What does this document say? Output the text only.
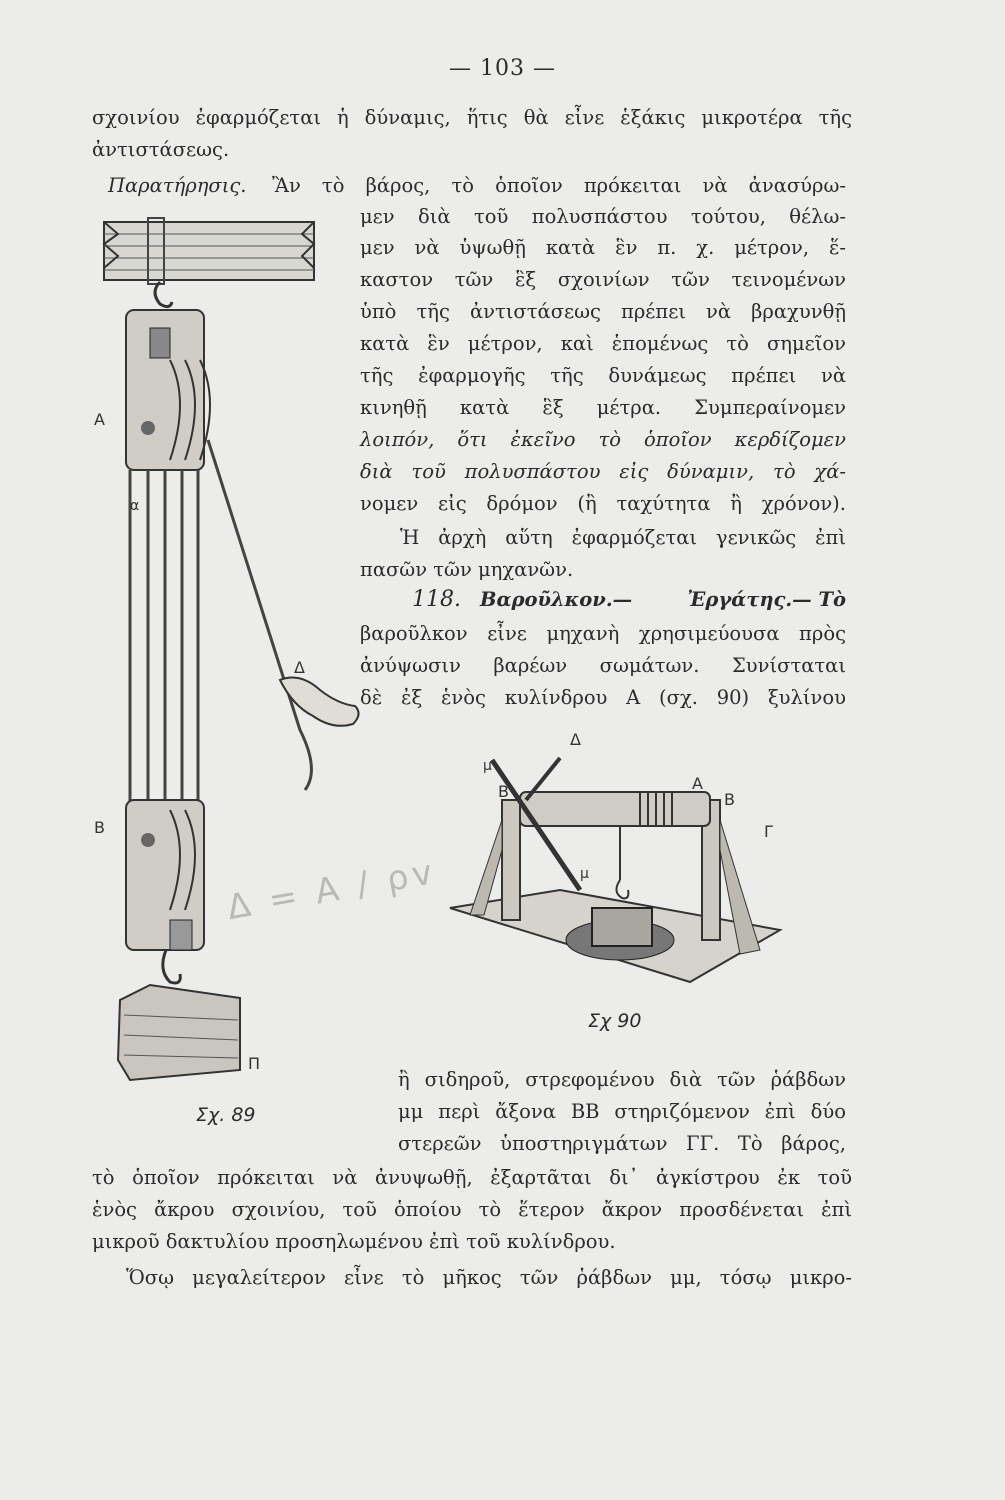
— 103 —
σχοινίου ἐφαρμόζεται ἡ δύναμις, ἥτις θὰ εἶνε ἑξάκις μικροτέρα τῆς
ἀντιστάσεως.
Παρατήρησις. Ἂν τὸ βάρος, τὸ ὁποῖον πρόκειται νὰ ἀνασύρω-
μεν διὰ τοῦ πολυσπάστου τούτου, θέλω-
μεν νὰ ὑψωθῇ κατὰ ἓν π. χ. μέτρον, ἕ-
καστον τῶν ἓξ σχοινίων τῶν τεινομένων
ὑπὸ τῆς ἀντιστάσεως πρέπει νὰ βραχυνθῇ
κατὰ ἓν μέτρον, καὶ ἑπομένως τὸ σημεῖον
τῆς ἐφαρμογῆς τῆς δυνάμεως πρέπει νὰ
κινηθῇ κατὰ ἓξ μέτρα. Συμπεραίνομεν
λοιπόν, ὅτι ἐκεῖνο τὸ ὁποῖον κερδίζομεν
διὰ τοῦ πολυσπάστου εἰς δύναμιν, τὸ χά-
νομεν εἰς δρόμον (ἢ ταχύτητα ἢ χρόνον).
Ἡ ἀρχὴ αὕτη ἐφαρμόζεται γενικῶς ἐπὶ
πασῶν τῶν μηχανῶν.
118. Βαροῦλκον.—	Ἐργάτης.— Τὸ
βαροῦλκον εἶνε μηχανὴ χρησιμεύουσα πρὸς
ἀνύψωσιν βαρέων σωμάτων. Συνίσταται
δὲ ἐξ ἑνὸς κυλίνδρου Α (σχ. 90) ξυλίνου
ἢ σιδηροῦ, στρεφομένου διὰ τῶν ῥάβδων
μμ περὶ ἄξονα ΒΒ στηριζόμενον ἐπὶ δύο
στερεῶν ὑποστηριγμάτων ΓΓ. Τὸ βάρος,
τὸ ὁποῖον πρόκειται νὰ ἀνυψωθῇ, ἐξαρτᾶται δι᾽ ἀγκίστρου ἐκ τοῦ
ἑνὸς ἄκρου σχοινίου, τοῦ ὁποίου τὸ ἕτερον ἄκρον προσδένεται ἐπὶ
μικροῦ δακτυλίου προσηλωμένου ἐπὶ τοῦ κυλίνδρου.
Ὅσῳ μεγαλείτερον εἶνε τὸ μῆκος τῶν ῥάβδων μμ, τόσῳ μικρο-
A
B
Δ
α
Π
Σχ. 89
Δ = A / ρv
μ
Δ
B	A
B
Γ
μ
Σχ 90
